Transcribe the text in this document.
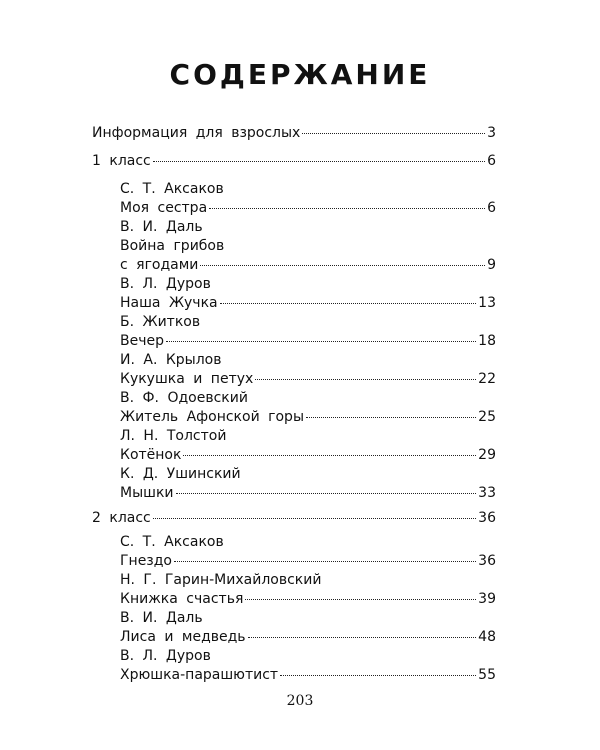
СОДЕРЖАНИЕ
Информация для взрослых	3
1 класс	6
С. Т. Аксаков
Моя сестра	6
В. И. Даль
Война грибов
с ягодами	9
В. Л. Дуров
Наша Жучка	13
Б. Житков
Вечер	18
И. А. Крылов
Кукушка и петух	22
В. Ф. Одоевский
Житель Афонской горы	25
Л. Н. Толстой
Котёнок	29
К. Д. Ушинский
Мышки	33
2 класс	36
С. Т. Аксаков
Гнездо	36
Н. Г. Гарин-Михайловский
Книжка счастья	39
В. И. Даль
Лиса и медведь	48
В. Л. Дуров
Хрюшка-парашютист	55
203
